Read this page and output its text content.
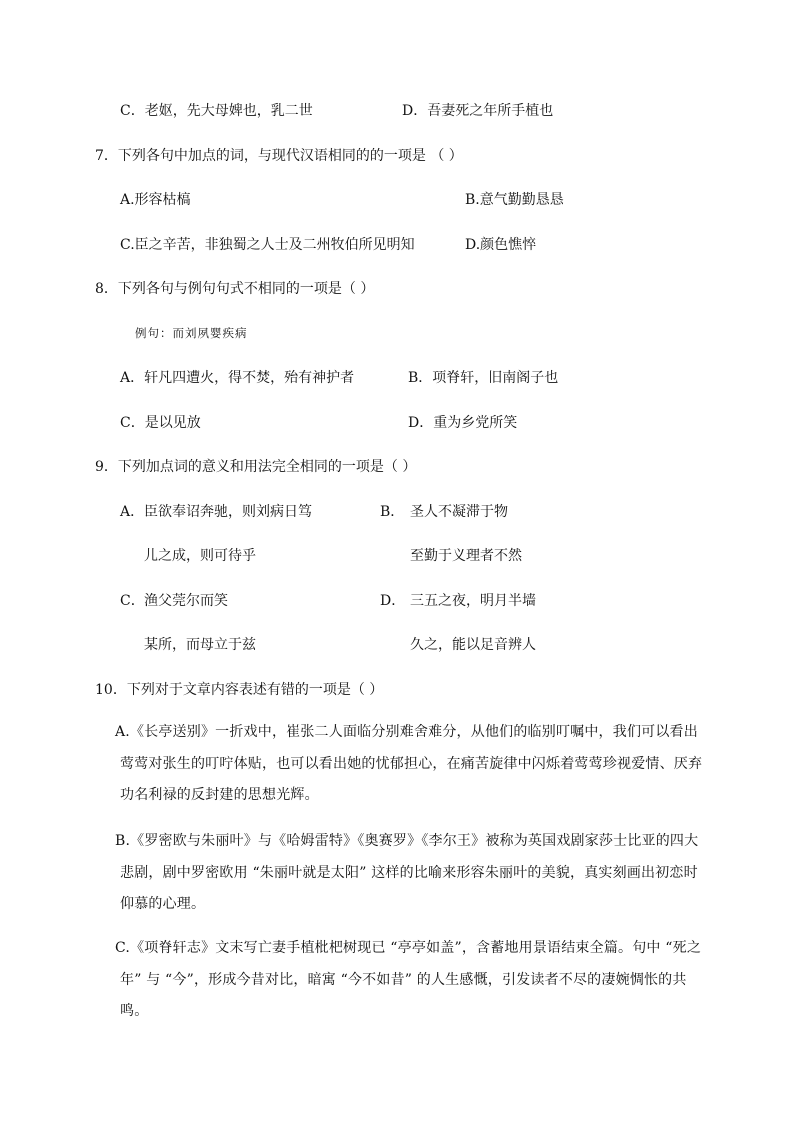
C．老妪，先大母婢也，乳二世	D．吾妻死之年所手植也
7．下列各句中加点的词，与现代汉语相同的的一项是 （ ）
A.形容枯槁	B.意气勤勤恳恳
C.臣之辛苦，非独蜀之人士及二州牧伯所见明知	D.颜色憔悴
8．下列各句与例句句式不相同的一项是（ ）
例句：而刘夙婴疾病
A．轩凡四遭火，得不焚，殆有神护者	B．项脊轩，旧南阁子也
C．是以见放	D．重为乡党所笑
9．下列加点词的意义和用法完全相同的一项是（ ）
A． 臣欲奉诏奔驰，则刘病日笃	B． 圣人不凝滞于物
儿之成，则可待乎	至勤于义理者不然
C． 渔父莞尔而笑	D． 三五之夜，明月半墙
某所，而母立于兹	久之，能以足音辨人
10．下列对于文章内容表述有错的一项是（ ）
A.《长亭送别》一折戏中，崔张二人面临分别难舍难分，从他们的临别叮嘱中，我们可以看出莺莺对张生的叮咛体贴，也可以看出她的忧郁担心，在痛苦旋律中闪烁着莺莺珍视爱情、厌弃功名利禄的反封建的思想光辉。
B.《罗密欧与朱丽叶》与《哈姆雷特》《奥赛罗》《李尔王》被称为英国戏剧家莎士比亚的四大悲剧，剧中罗密欧用 “朱丽叶就是太阳” 这样的比喻来形容朱丽叶的美貌，真实刻画出初恋时仰慕的心理。
C.《项脊轩志》文末写亡妻手植枇杷树现已 “亭亭如盖”，含蓄地用景语结束全篇。句中 “死之年” 与 “今”，形成今昔对比，暗寓 “今不如昔” 的人生感慨，引发读者不尽的凄婉惆怅的共鸣。
